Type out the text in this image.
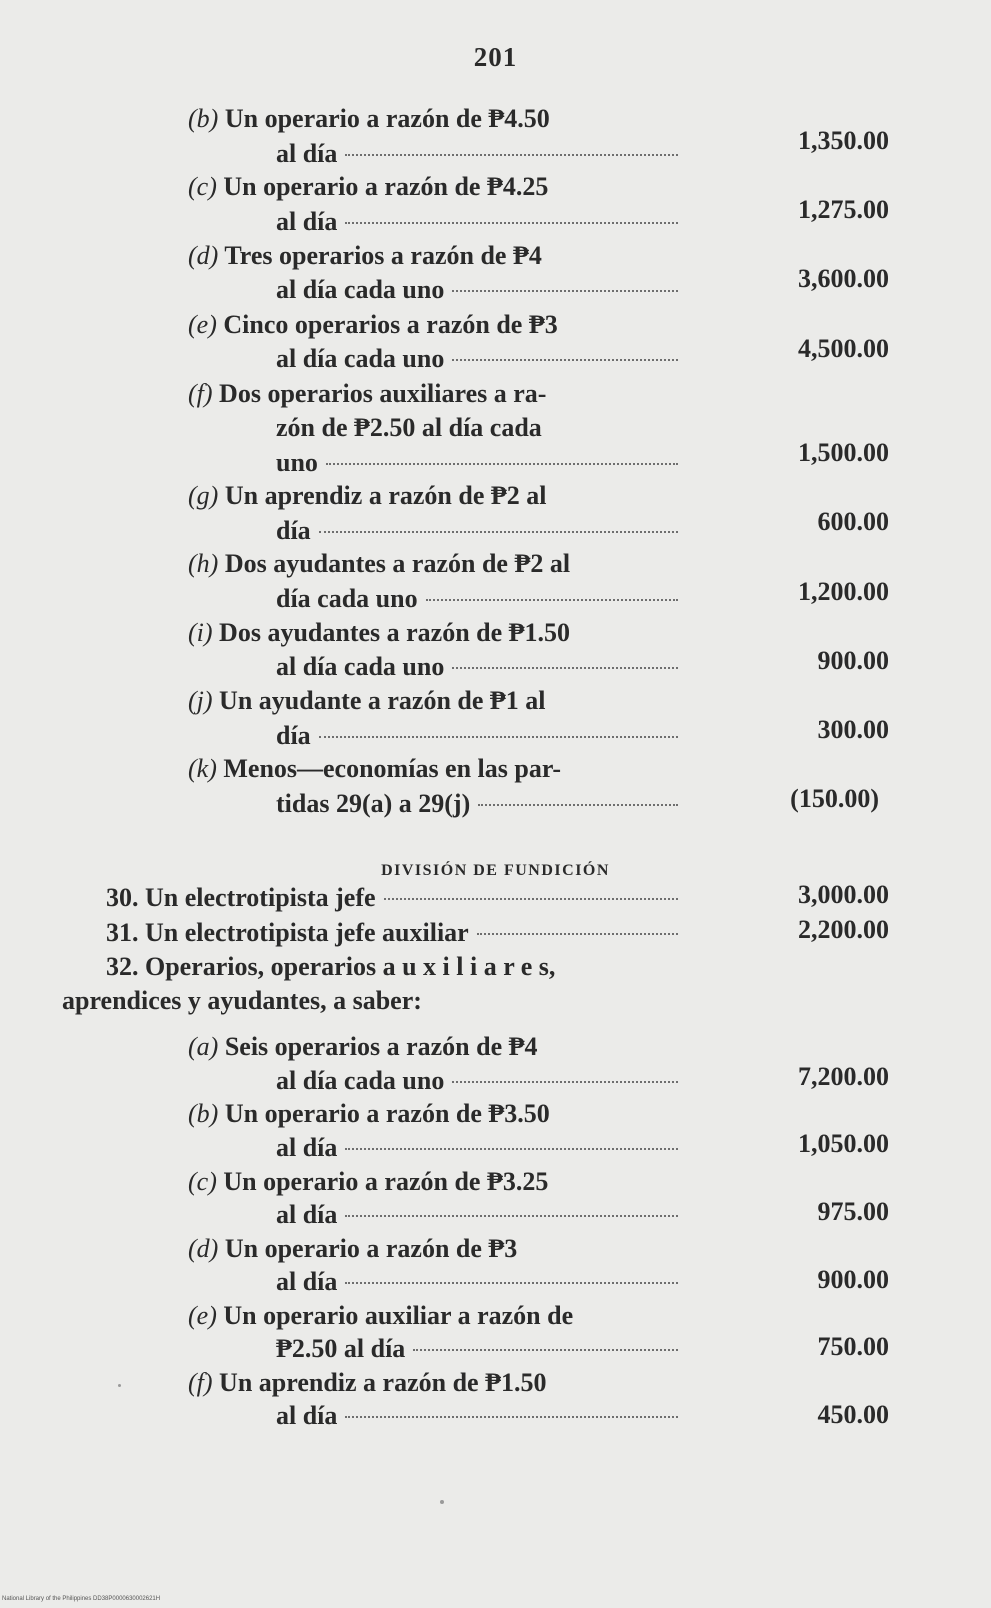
201
(b) Un operario a razón de ₱4.50
al día	1,350.00
(c) Un operario a razón de ₱4.25
al día	1,275.00
(d) Tres operarios a razón de ₱4
al día cada uno	3,600.00
(e) Cinco operarios a razón de ₱3
al día cada uno	4,500.00
(f) Dos operarios auxiliares a ra-
zón de ₱2.50 al día cada
uno	1,500.00
(g) Un aprendiz a razón de ₱2 al
día	600.00
(h) Dos ayudantes a razón de ₱2 al
día cada uno	1,200.00
(i) Dos ayudantes a razón de ₱1.50
al día cada uno	900.00
(j) Un ayudante a razón de ₱1 al
día	300.00
(k) Menos—economías en las par-
tidas 29(a) a 29(j)	(150.00)
DIVISIÓN DE FUNDICIÓN
30. Un electrotipista jefe	3,000.00
31. Un electrotipista jefe auxiliar	2,200.00
32. Operarios, operarios a u x i l i a r e s,
aprendices y ayudantes, a saber:
(a) Seis operarios a razón de ₱4
al día cada uno	7,200.00
(b) Un operario a razón de ₱3.50
al día	1,050.00
(c) Un operario a razón de ₱3.25
al día	975.00
(d) Un operario a razón de ₱3
al día	900.00
(e) Un operario auxiliar a razón de
₱2.50 al día	750.00
(f) Un aprendiz a razón de ₱1.50
al día	450.00
National Library of the Philippines DD38P0000630002621H
